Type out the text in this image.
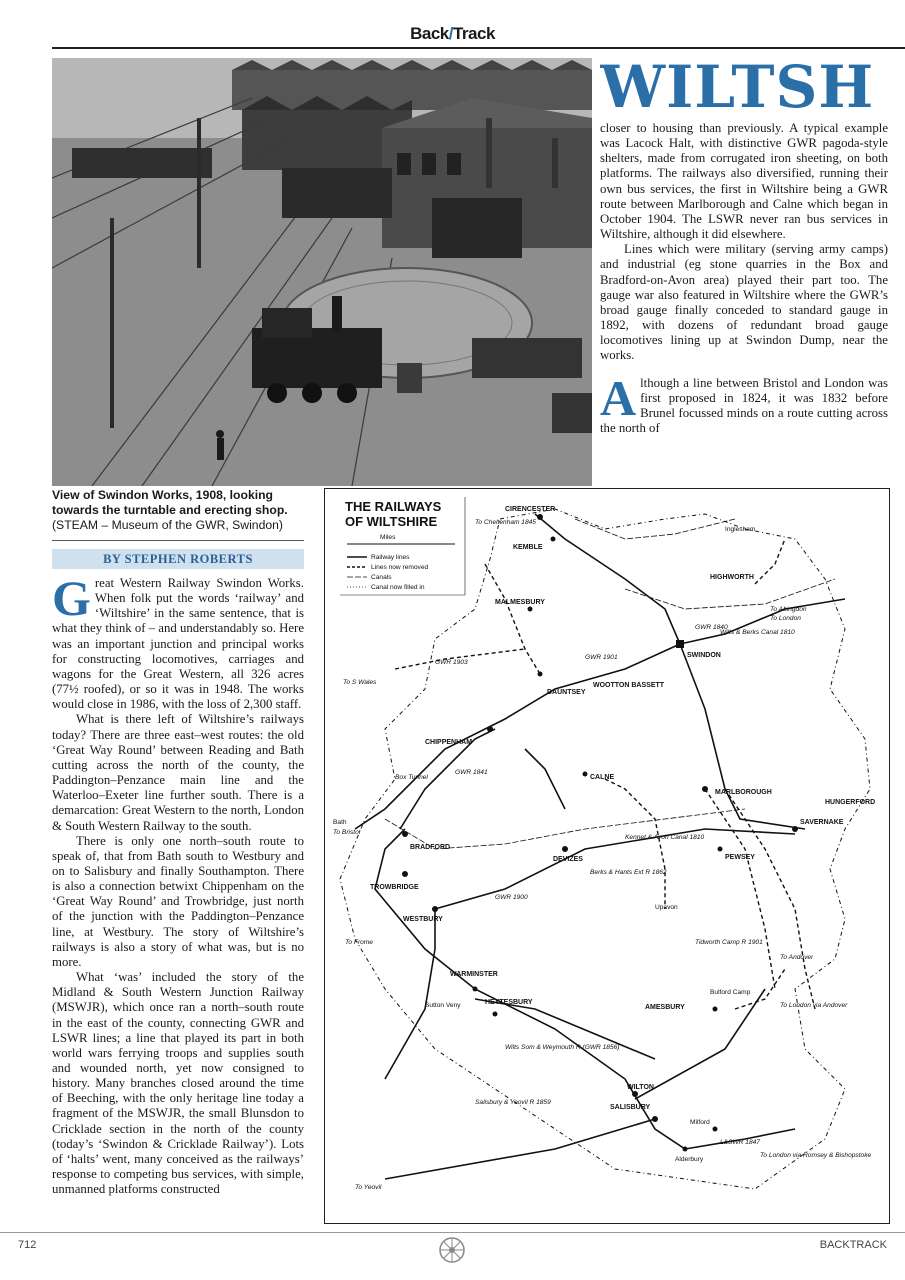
Back/Track
WILTSH
View of Swindon Works, 1908, looking towards the turntable and erecting shop.
(STEAM – Museum of the GWR, Swindon)
BY STEPHEN ROBERTS

Great Western Railway Swindon Works. When folk put the words ‘railway’ and ‘Wiltshire’ in the same sentence, that is what they think of – and understandably so. Here was an important junction and principal works for constructing locomotives, carriages and wagons for the Great Western, all 326 acres (77½ roofed), or so it was in 1948. The works would close in 1986, with the loss of 2,300 staff.

What is there left of Wiltshire’s railways today? There are three east–west routes: the old ‘Great Way Round’ between Reading and Bath cutting across the north of the county, the Paddington–Penzance main line and the Waterloo–Exeter line further south. There is a demarcation: Great Western to the north, London & South Western Railway to the south.

There is only one north–south route to speak of, that from Bath south to Westbury and on to Salisbury and finally Southampton. There is also a connection betwixt Chippenham on the ‘Great Way Round’ and Trowbridge, just north of the junction with the Paddington–Penzance line, at Westbury. The story of Wiltshire’s railways is also a story of what was, but is no more.

What ‘was’ included the story of the Midland & South Western Junction Railway (MSWJR), which once ran a north–south route in the east of the county, connecting GWR and LSWR lines; a line that played its part in both world wars ferrying troops and supplies south and wounded north, yet now consigned to history. Many branches closed around the time of Beeching, with the only heritage line today a fragment of the MSWJR, the small Blunsdon to Cricklade section in the north of the county (today’s ‘Swindon & Cricklade Railway’). Lots of ‘halts’ went, many conceived as the railways’ response to competing bus services, with simple, unmanned platforms constructed

closer to housing than previously. A typical example was Lacock Halt, with distinctive GWR pagoda-style shelters, made from corrugated iron sheeting, on both platforms. The railways also diversified, running their own bus services, the first in Wiltshire being a GWR route between Marlborough and Calne which began in October 1904. The LSWR never ran bus services in Wiltshire, although it did elsewhere.

Lines which were military (serving army camps) and industrial (eg stone quarries in the Box and Bradford-on-Avon area) played their part too. The gauge war also featured in Wiltshire where the GWR’s broad gauge finally conceded to standard gauge in 1892, with dozens of redundant broad gauge locomotives lining up at Swindon Dump, near the works.

Although a line between Bristol and London was first proposed in 1824, it was 1832 before Brunel focussed minds on a route cutting across the north of

THE RAILWAYS
OF WILTSHIRE
Miles
Railway lines
Lines now removed
Canals
Canal now filled in
CIRENCESTER
KEMBLE
Inglesham
HIGHWORTH
MALMESBURY
SWINDON
WOOTTON BASSETT
DAUNTSEY
CHIPPENHAM
CALNE
MARLBOROUGH
HUNGERFORD
SAVERNAKE
PEWSEY
DEVIZES
BRADFORD
Bath
TROWBRIDGE
WESTBURY
Upavon
WARMINSTER
HEYTESBURY
Sutton Veny	AMESBURY
Bulford Camp
WILTON
SALISBURY
Milford
Alderbury
To Cheltenham 1845
To Abingdon
To London
Wilts & Berks Canal 1810
GWR 1840
GWR 1903
GWR 1901
To S Wales
GWR 1841
Box Tunnel
To Bristol
Kennet & Avon Canal 1810
Berks & Hants Ext R 1862
GWR 1900
To Frome	Tidworth Camp R 1901
To Andover
To London via Andover
Wilts Som & Weymouth R (GWR 1856)
Salisbury & Yeovil R 1859
To Yeovil
L&SWR 1847
To London via Romsey & Bishopstoke
712	BACKTRACK
